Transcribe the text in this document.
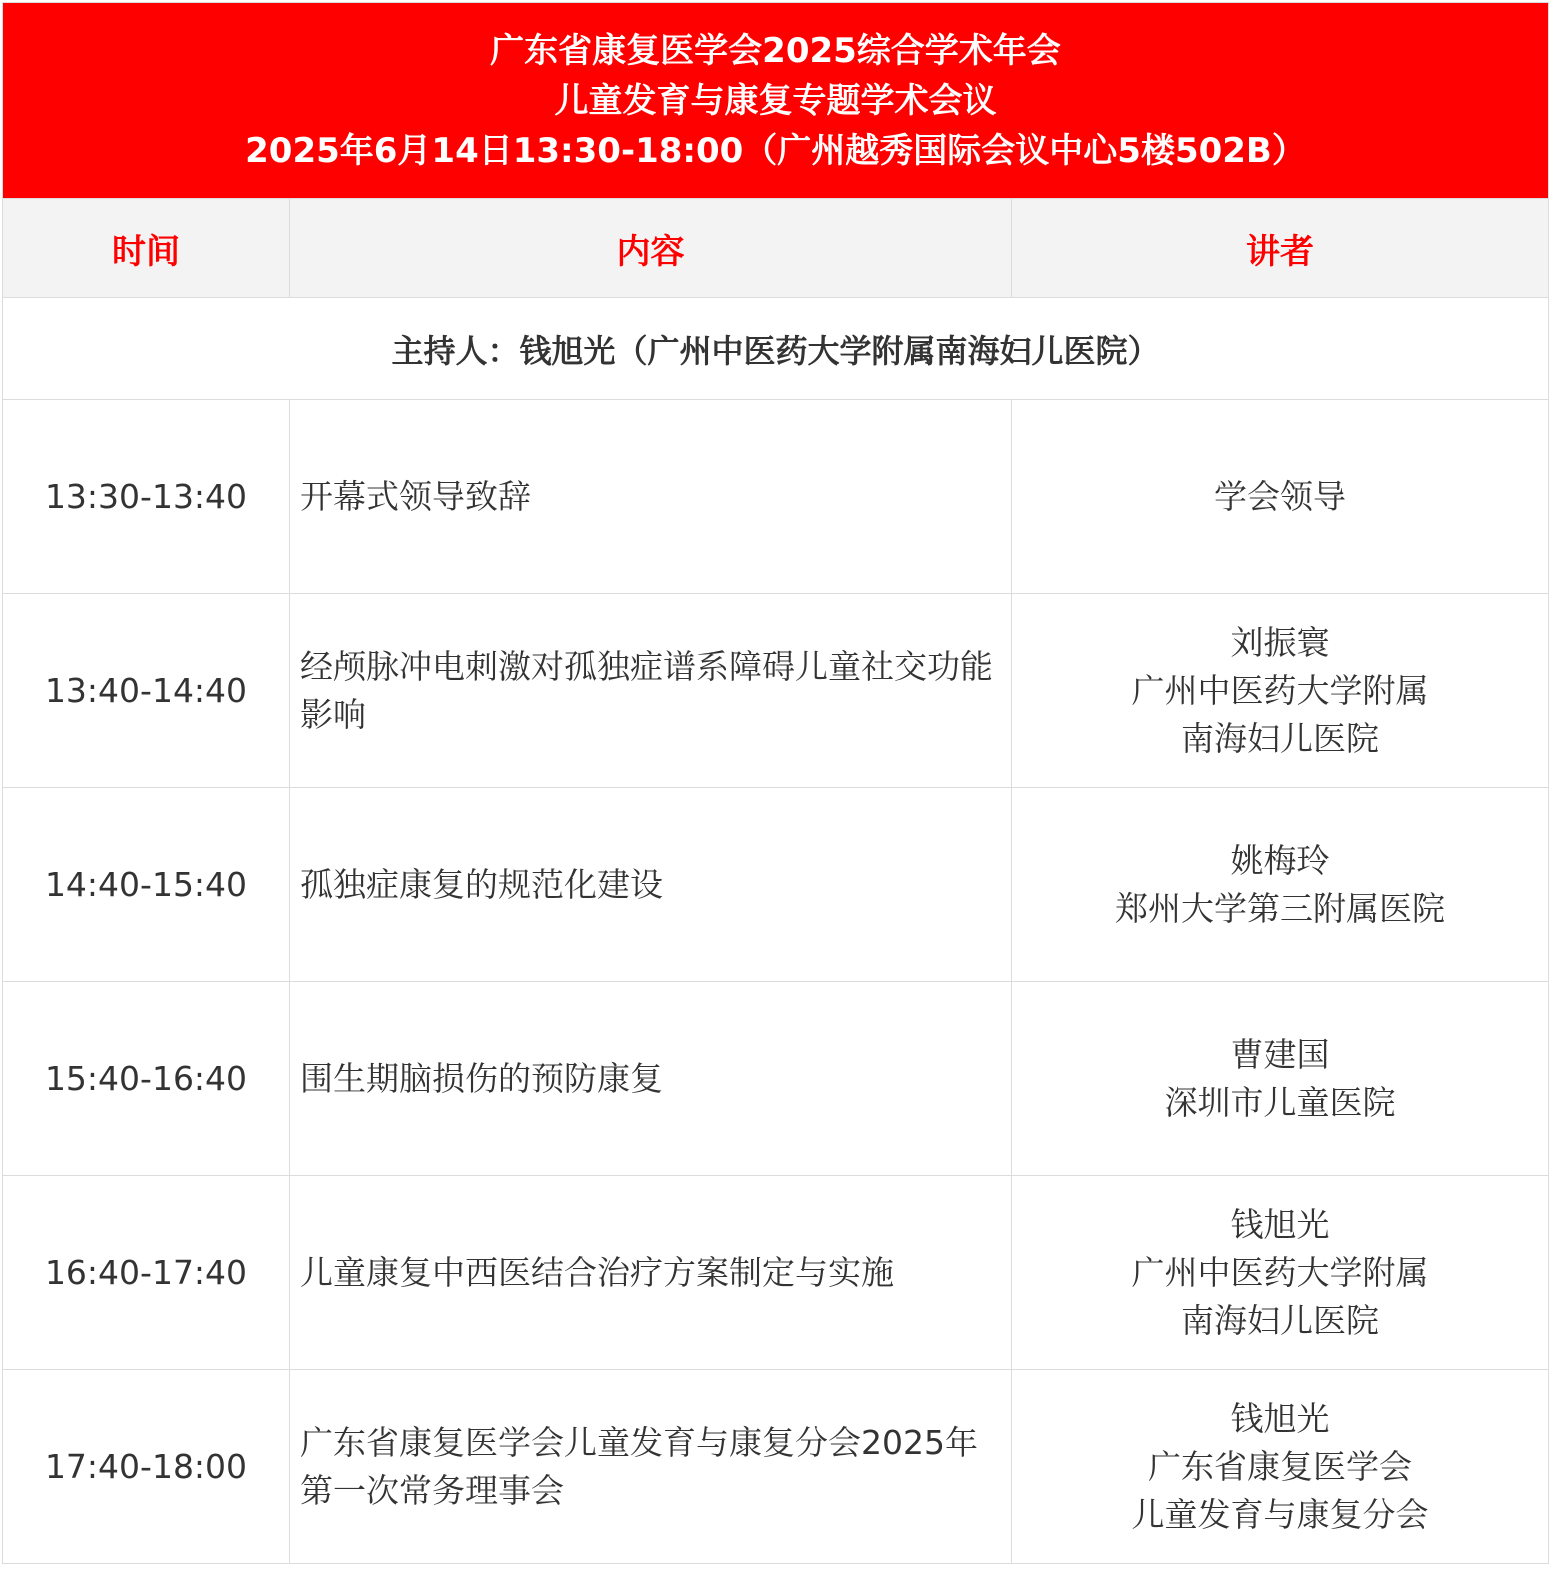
广东省康复医学会2025综合学术年会
儿童发育与康复专题学术会议
2025年6月14日13:30-18:00（广州越秀国际会议中心5楼502B）		

时间	内容	讲者
主持人：钱旭光（广州中医药大学附属南海妇儿医院）		
13:30-13:40	开幕式领导致辞	学会领导

13:40-14:40	经颅脉冲电刺激对孤独症谱系障碍儿童社交功能影响	刘振寰
广州中医药大学附属
南海妇儿医院

14:40-15:40	孤独症康复的规范化建设	姚梅玲
郑州大学第三附属医院

15:40-16:40	围生期脑损伤的预防康复	曹建国
深圳市儿童医院

16:40-17:40	儿童康复中西医结合治疗方案制定与实施	钱旭光
广州中医药大学附属
南海妇儿医院

17:40-18:00	广东省康复医学会儿童发育与康复分会2025年第一次常务理事会	钱旭光
广东省康复医学会
儿童发育与康复分会
